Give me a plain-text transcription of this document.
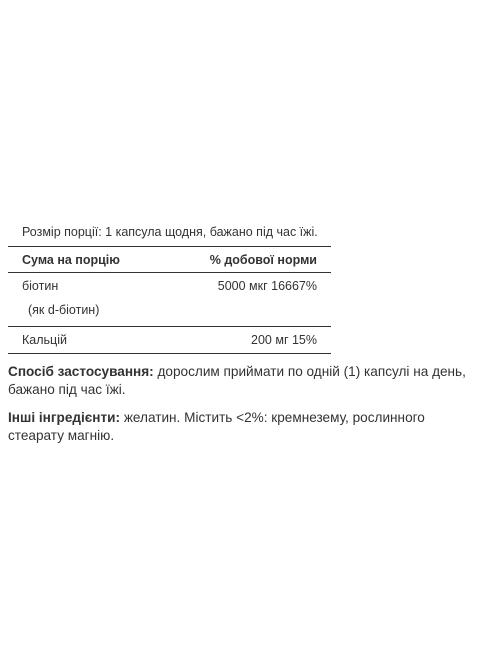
Розмір порції: 1 капсула щодня, бажано під час їжі.
Сума на порцію	% добової норми
біотин	5000 мкг 16667%
(як d-біотин)
Кальцій	200 мг 15%

Спосіб застосування: дорослим приймати по одній (1) капсулі на день, бажано під час їжі.

Інші інгредієнти: желатин. Містить <2%: кремнезему, рослинного стеарату магнію.
